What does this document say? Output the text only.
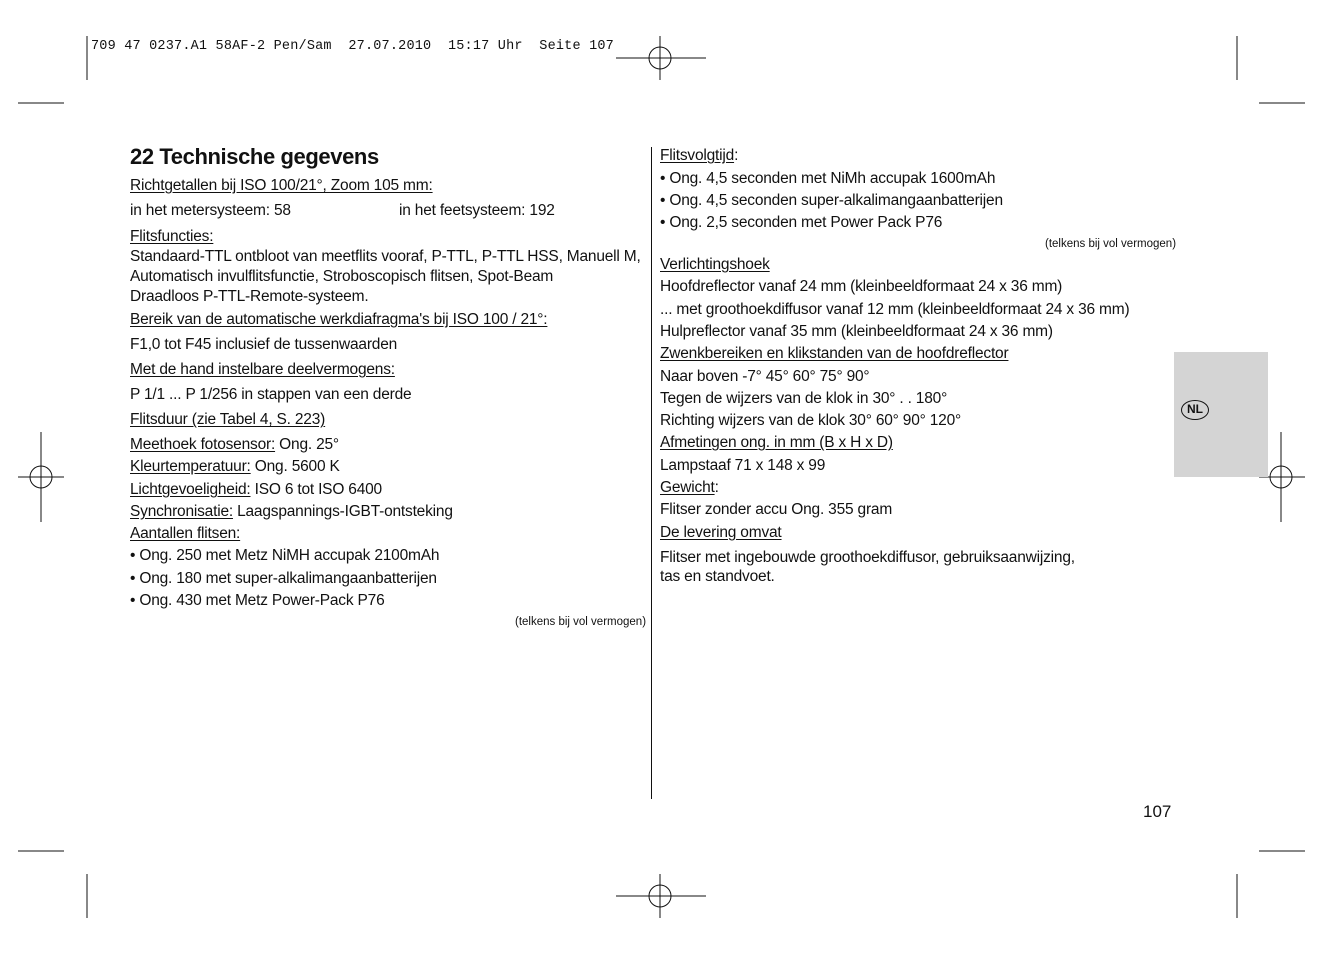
709 47 0237.A1 58AF-2 Pen/Sam  27.07.2010  15:17 Uhr  Seite 107
22 Technische gegevens
Richtgetallen bij ISO 100/21°, Zoom 105 mm:
in het metersysteem: 58	in het feetsysteem: 192
Flitsfuncties:
Standaard-TTL ontbloot van meetflits vooraf, P-TTL, P-TTL HSS, Manuell M,
Automatisch invulflitsfunctie, Stroboscopisch flitsen, Spot-Beam
Draadloos P-TTL-Remote-systeem.
Bereik van de automatische werkdiafragma's bij ISO 100 / 21°:
F1,0 tot F45 inclusief de tussenwaarden
Met de hand instelbare deelvermogens:
P 1/1 ... P 1/256 in stappen van een derde
Flitsduur (zie Tabel 4, S. 223)
Meethoek fotosensor: Ong. 25°
Kleurtemperatuur: Ong. 5600 K
Lichtgevoeligheid: ISO 6 tot ISO 6400
Synchronisatie: Laagspannings-IGBT-ontsteking
Aantallen flitsen:
• Ong. 250 met Metz NiMH accupak 2100mAh
• Ong. 180 met super-alkalimangaanbatterijen
• Ong. 430 met Metz Power-Pack P76
(telkens bij vol vermogen)
Flitsvolgtijd:
• Ong. 4,5 seconden met NiMh accupak 1600mAh
• Ong. 4,5 seconden super-alkalimangaanbatterijen
• Ong. 2,5 seconden met Power Pack P76
(telkens bij vol vermogen)
Verlichtingshoek
Hoofdreflector vanaf 24 mm (kleinbeeldformaat 24 x 36 mm)
... met groothoekdiffusor vanaf 12 mm (kleinbeeldformaat 24 x 36 mm)
Hulpreflector vanaf 35 mm (kleinbeeldformaat 24 x 36 mm)
Zwenkbereiken en klikstanden van de hoofdreflector
Naar boven -7° 45° 60° 75° 90°
Tegen de wijzers van de klok in 30° . . 180°
Richting wijzers van de klok 30° 60° 90° 120°
Afmetingen ong. in mm (B x H x D)
Lampstaaf 71 x 148 x 99
Gewicht:
Flitser zonder accu Ong. 355 gram
De levering omvat
Flitser met ingebouwde groothoekdiffusor, gebruiksaanwijzing,
tas en standvoet.
NL
107
